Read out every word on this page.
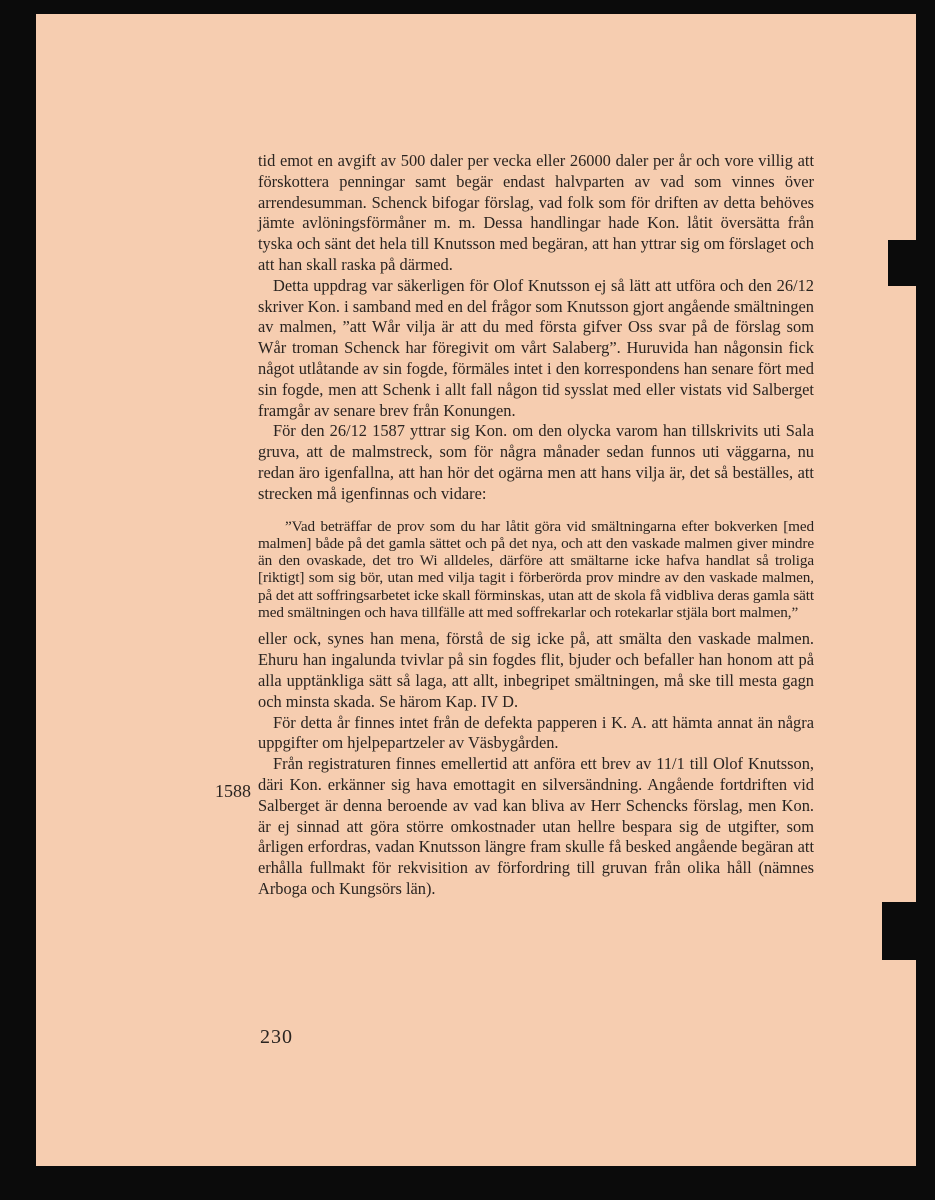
tid emot en avgift av 500 daler per vecka eller 26000 daler per år och vore villig att förskottera penningar samt begär endast halvparten av vad som vinnes över arrendesumman. Schenck bifogar förslag, vad folk som för driften av detta behöves jämte avlöningsförmåner m. m. Dessa handlingar hade Kon. låtit översätta från tyska och sänt det hela till Knutsson med begäran, att han yttrar sig om förslaget och att han skall raska på därmed.

Detta uppdrag var säkerligen för Olof Knutsson ej så lätt att utföra och den 26/12 skriver Kon. i samband med en del frågor som Knutsson gjort angående smältningen av malmen, ”att Wår vilja är att du med första gifver Oss svar på de förslag som Wår troman Schenck har föregivit om vårt Salaberg”. Huruvida han någonsin fick något utlåtande av sin fogde, förmäles intet i den korrespondens han senare fört med sin fogde, men att Schenk i allt fall någon tid sysslat med eller vistats vid Salberget framgår av senare brev från Konungen.

För den 26/12 1587 yttrar sig Kon. om den olycka varom han tillskrivits uti Sala gruva, att de malmstreck, som för några månader sedan funnos uti väggarna, nu redan äro igenfallna, att han hör det ogärna men att hans vilja är, det så beställes, att strecken må igenfinnas och vidare:

”Vad beträffar de prov som du har låtit göra vid smältningarna efter bokverken [med malmen] både på det gamla sättet och på det nya, och att den vaskade malmen giver mindre än den ovaskade, det tro Wi alldeles, därföre att smältarne icke hafva handlat så troliga [riktigt] som sig bör, utan med vilja tagit i förberörda prov mindre av den vaskade malmen, på det att soffringsarbetet icke skall förminskas, utan att de skola få vidbliva deras gamla sätt med smältningen och hava tillfälle att med soffrekarlar och rotekarlar stjäla bort malmen,”

eller ock, synes han mena, förstå de sig icke på, att smälta den vaskade malmen. Ehuru han ingalunda tvivlar på sin fogdes flit, bjuder och befaller han honom att på alla upptänkliga sätt så laga, att allt, inbegripet smältningen, må ske till mesta gagn och minsta skada. Se härom Kap. IV D.

För detta år finnes intet från de defekta papperen i K. A. att hämta annat än några uppgifter om hjelpepartzeler av Väsbygården.

Från registraturen finnes emellertid att anföra ett brev av 11/1 till Olof Knutsson, däri Kon. erkänner sig hava emottagit en silversändning. Angående fortdriften vid Salberget är denna beroende av vad kan bliva av Herr Schencks förslag, men Kon. är ej sinnad att göra större omkostnader utan hellre bespara sig de utgifter, som årligen erfordras, vadan Knutsson längre fram skulle få besked angående begäran att erhålla fullmakt för rekvisition av förfordring till gruvan från olika håll (nämnes Arboga och Kungsörs län).

1588
230
